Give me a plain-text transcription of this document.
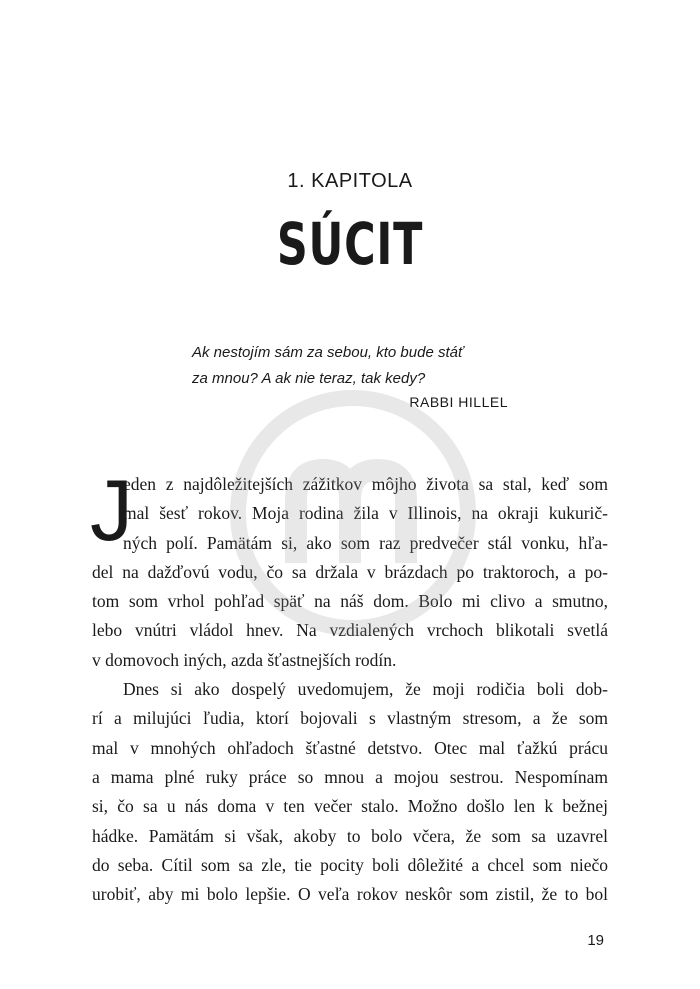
1. KAPITOLA
SÚCIT
Ak nestojím sám za sebou, kto bude stáť
za mnou? A ak nie teraz, tak kedy?
RABBI HILLEL
J
eden z najdôležitejších zážitkov môjho života sa stal, keď som
mal šesť rokov. Moja rodina žila v Illinois, na okraji kukurič-
ných polí. Pamätám si, ako som raz predvečer stál vonku, hľa-
del na dažďovú vodu, čo sa držala v brázdach po traktoroch, a po-
tom som vrhol pohľad späť na náš dom. Bolo mi clivo a smutno,
lebo vnútri vládol hnev. Na vzdialených vrchoch blikotali svetlá
v domovoch iných, azda šťastnejších rodín.
Dnes si ako dospelý uvedomujem, že moji rodičia boli dob-
rí a milujúci ľudia, ktorí bojovali s vlastným stresom, a že som
mal v mnohých ohľadoch šťastné detstvo. Otec mal ťažkú prácu
a mama plné ruky práce so mnou a mojou sestrou. Nespomínam
si, čo sa u nás doma v ten večer stalo. Možno došlo len k bežnej
hádke. Pamätám si však, akoby to bolo včera, že som sa uzavrel
do seba. Cítil som sa zle, tie pocity boli dôležité a chcel som niečo
urobiť, aby mi bolo lepšie. O veľa rokov neskôr som zistil, že to bol
19
